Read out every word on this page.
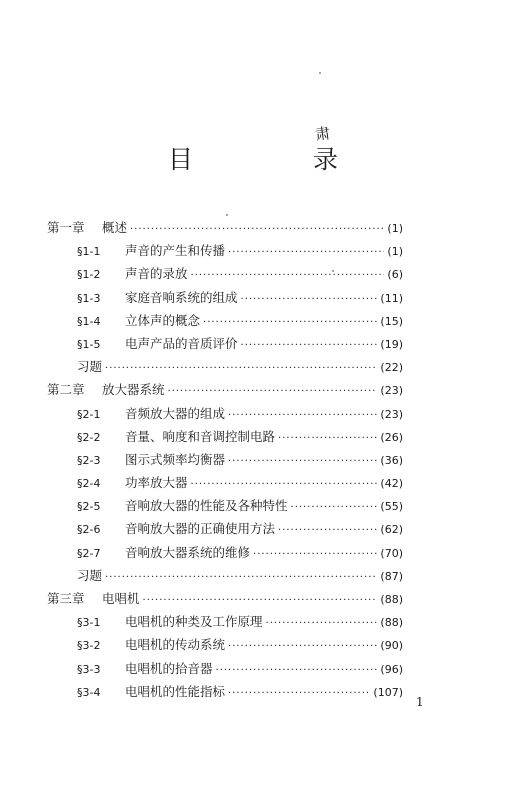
肃
目 录
第一章	概述 ·····	(1)
§1-1	声音的产生和传播 ·····	(1)
§1-2	声音的录放 ·····	(6)
§1-3	家庭音响系统的组成 ·····	(11)
§1-4	立体声的概念 ·····	(15)
§1-5	电声产品的音质评价 ·····	(19)
习题 ·····	(22)
第二章	放大器系统 ·····	(23)
§2-1	音频放大器的组成 ·····	(23)
§2-2	音量、响度和音调控制电路 ·····	(26)
§2-3	图示式频率均衡器 ·····	(36)
§2-4	功率放大器 ·····	(42)
§2-5	音响放大器的性能及各种特性 ·····	(55)
§2-6	音响放大器的正确使用方法 ·····	(62)
§2-7	音响放大器系统的维修 ·····	(70)
习题 ·····	(87)
第三章	电唱机 ·····	(88)
§3-1	电唱机的种类及工作原理 ·····	(88)
§3-2	电唱机的传动系统 ·····	(90)
§3-3	电唱机的拾音器 ·····	(96)
§3-4	电唱机的性能指标 ·····	(107)
1
